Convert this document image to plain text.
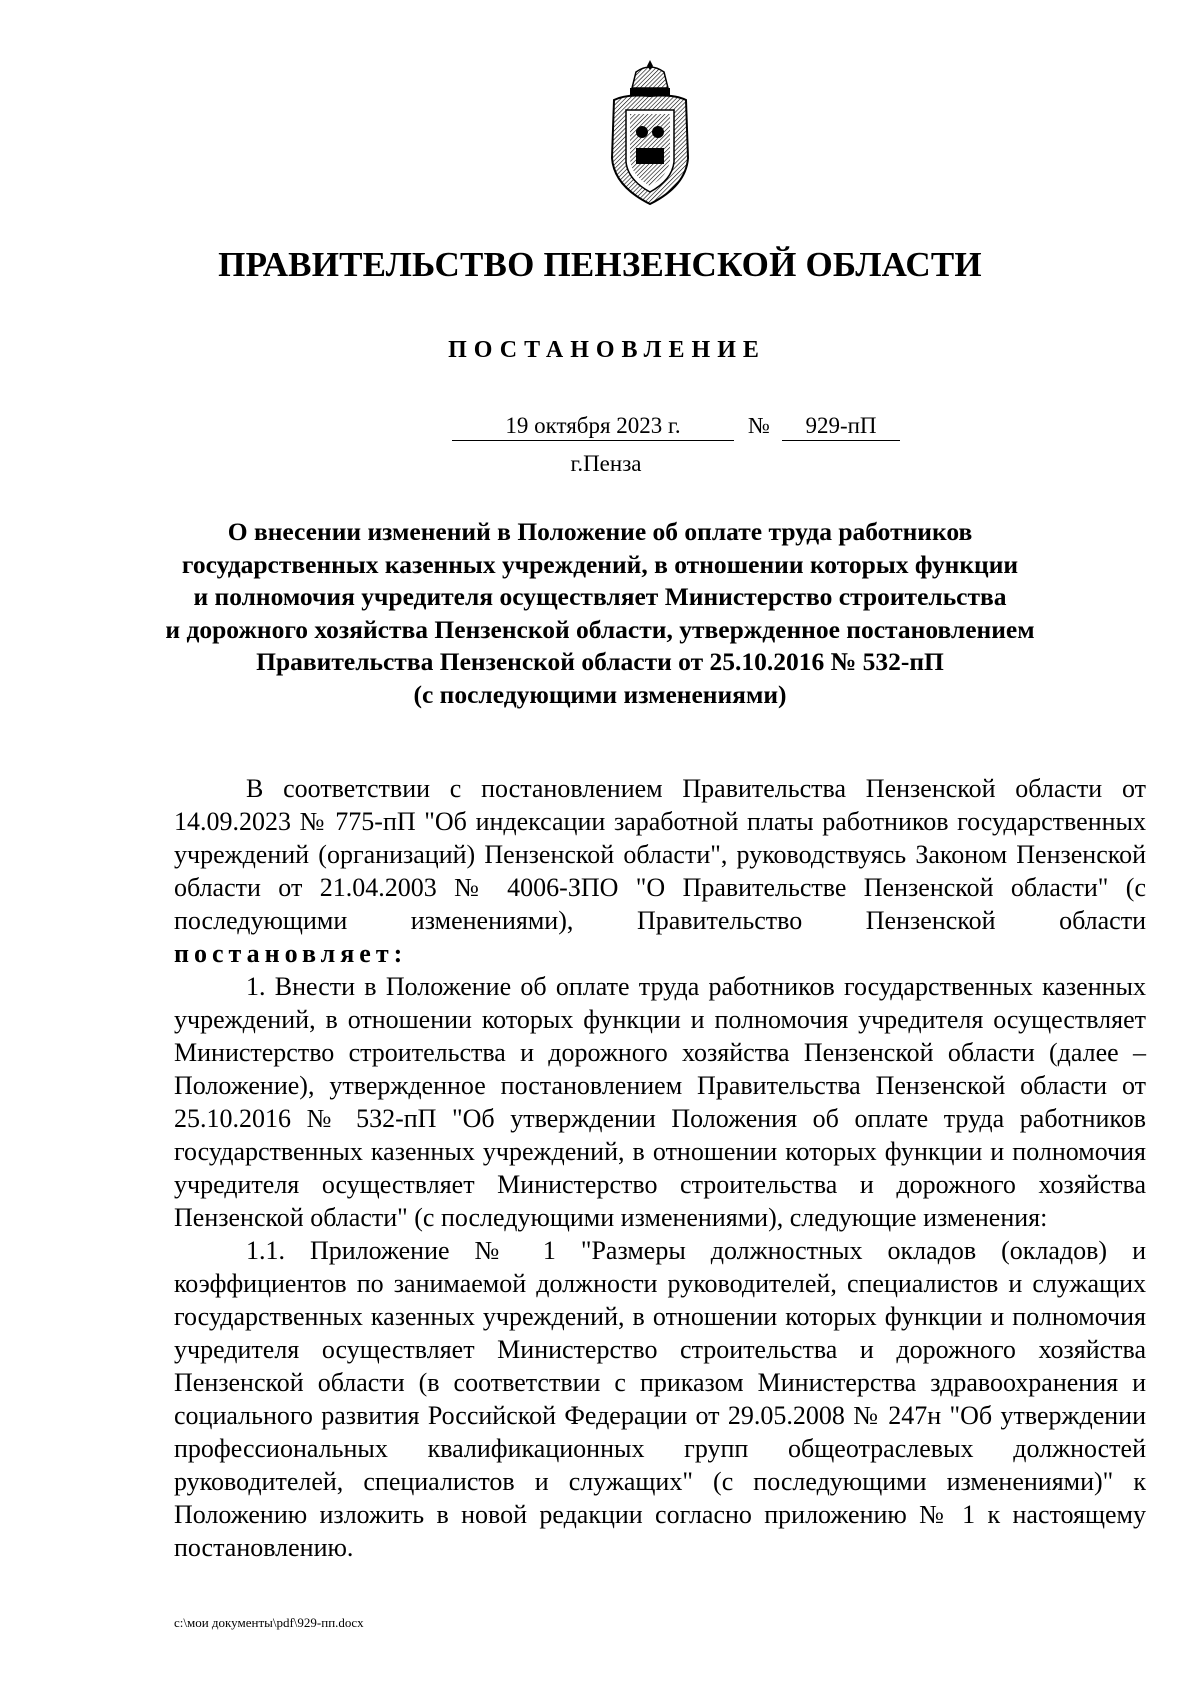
ПРАВИТЕЛЬСТВО ПЕНЗЕНСКОЙ ОБЛАСТИ
ПОСТАНОВЛЕНИЕ
19 октября 2023 г.	№	929-пП
г.Пенза
О внесении изменений в Положение об оплате труда работников
государственных казенных учреждений, в отношении которых функции
и полномочия учредителя осуществляет Министерство строительства
и дорожного хозяйства Пензенской области, утвержденное постановлением
Правительства Пензенской области от 25.10.2016 № 532-пП
(с последующими изменениями)

В соответствии с постановлением Правительства Пензенской области от 14.09.2023 № 775-пП "Об индексации заработной платы работников государственных учреждений (организаций) Пензенской области", руководствуясь Законом Пензенской области от 21.04.2003 № 4006-ЗПО "О Правительстве Пензенской области" (с последующими изменениями), Правительство Пензенской области постановляет:

1. Внести в Положение об оплате труда работников государственных казенных учреждений, в отношении которых функции и полномочия учредителя осуществляет Министерство строительства и дорожного хозяйства Пензенской области (далее – Положение), утвержденное постановлением Правительства Пензенской области от 25.10.2016 № 532-пП "Об утверждении Положения об оплате труда работников государственных казенных учреждений, в отношении которых функции и полномочия учредителя осуществляет Министерство строительства и дорожного хозяйства Пензенской области" (с последующими изменениями), следующие изменения:

1.1. Приложение № 1 "Размеры должностных окладов (окладов) и коэффициентов по занимаемой должности руководителей, специалистов и служащих государственных казенных учреждений, в отношении которых функции и полномочия учредителя осуществляет Министерство строительства и дорожного хозяйства Пензенской области (в соответствии с приказом Министерства здравоохранения и социального развития Российской Федерации от 29.05.2008 № 247н "Об утверждении профессиональных квалификационных групп общеотраслевых должностей руководителей, специалистов и служащих" (с последующими изменениями)" к Положению изложить в новой редакции согласно приложению № 1 к настоящему постановлению.

c:\мои документы\pdf\929-пп.docx
